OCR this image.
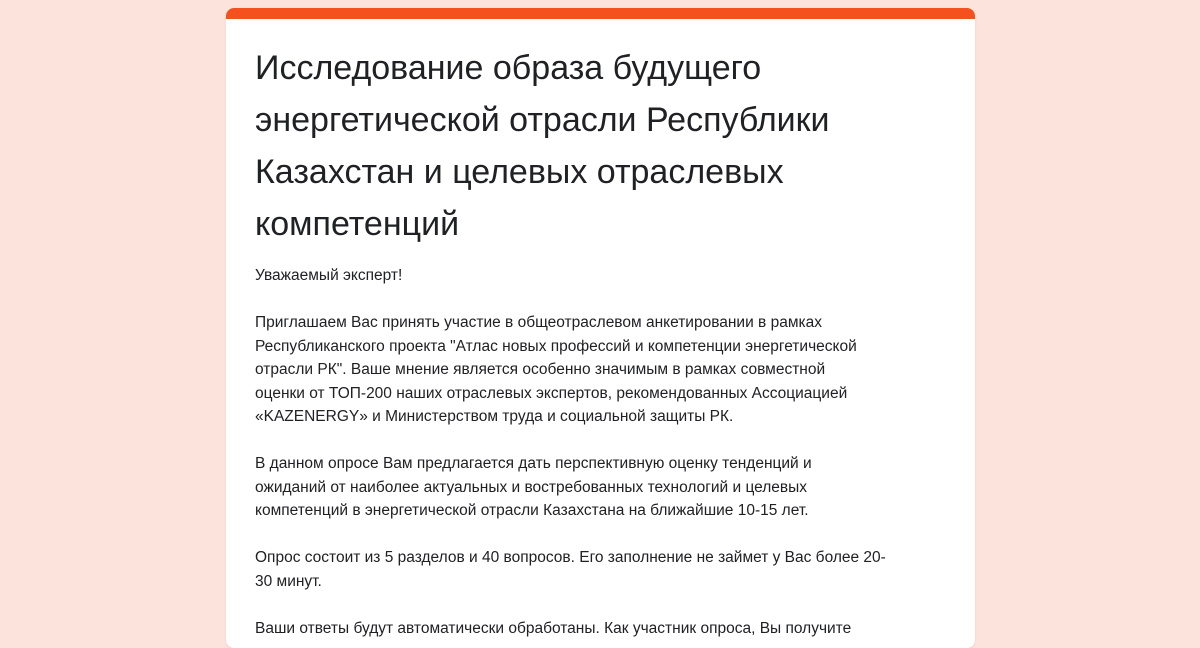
Исследование образа будущего энергетической отрасли Республики Казахстан и целевых отраслевых компетенций

Уважаемый эксперт!

Приглашаем Вас принять участие в общеотраслевом анкетировании в рамках
Республиканского проекта "Атлас новых профессий и компетенции энергетической
отрасли РК". Ваше мнение является особенно значимым в рамках совместной
оценки от ТОП-200 наших отраслевых экспертов, рекомендованных Ассоциацией
«KAZENERGY» и Министерством труда и социальной защиты РК.

В данном опросе Вам предлагается дать перспективную оценку тенденций и
ожиданий от наиболее актуальных и востребованных технологий и целевых
компетенций в энергетической отрасли Казахстана на ближайшие 10-15 лет.

Опрос состоит из 5 разделов и 40 вопросов. Его заполнение не займет у Вас более 20-
30 минут.

Ваши ответы будут автоматически обработаны. Как участник опроса, Вы получите
